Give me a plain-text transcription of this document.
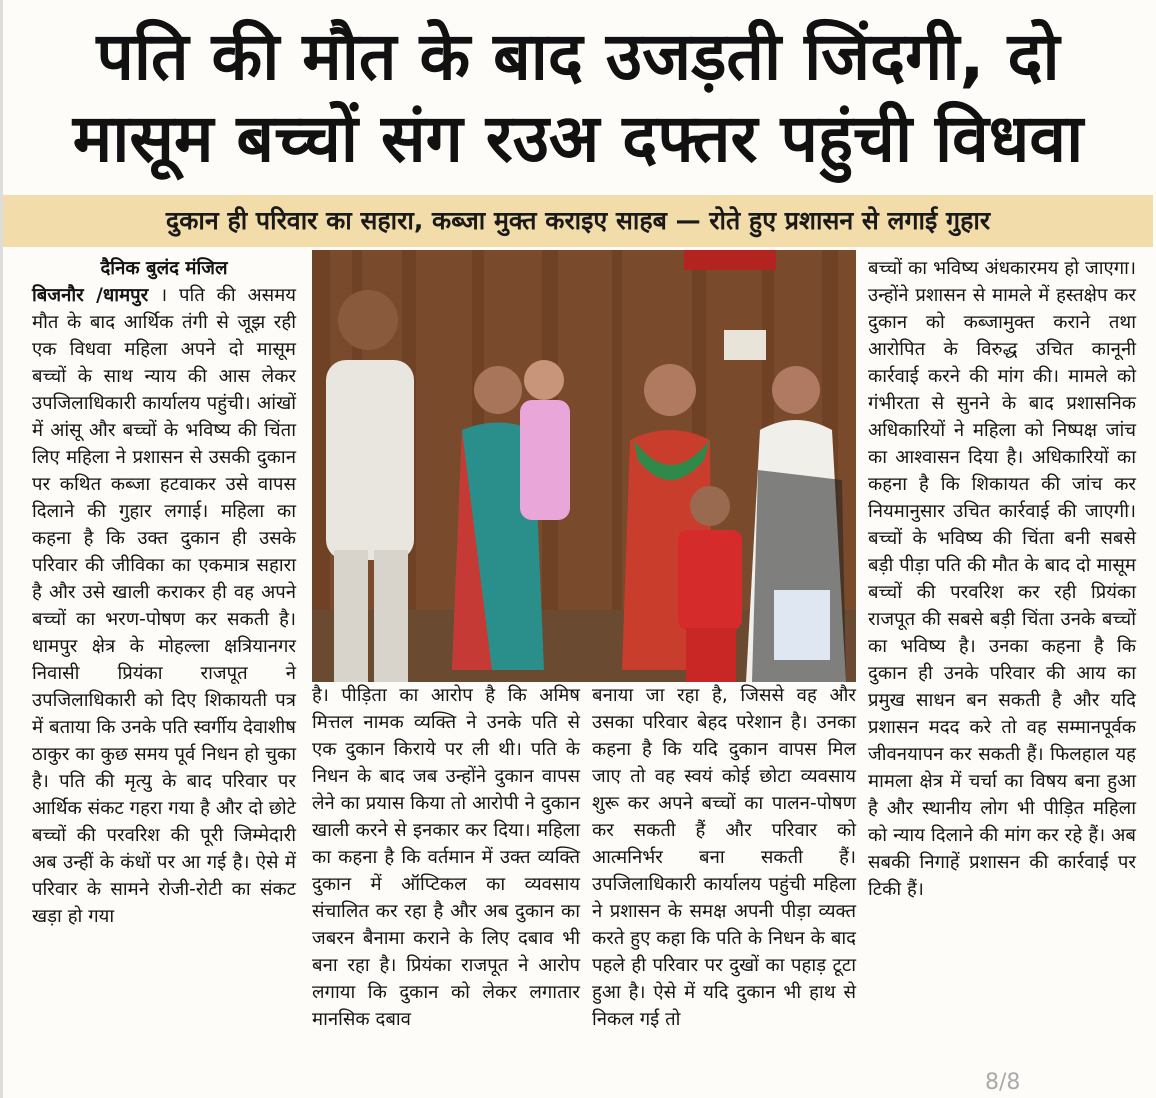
पति की मौत के बाद उजड़ती जिंदगी, दो
मासूम बच्चों संग रउअ दफ्तर पहुंची विधवा
दुकान ही परिवार का सहारा, कब्जा मुक्त कराइए साहब — रोते हुए प्रशासन से लगाई गुहार
दैनिक बुलंद मंजिल

बिजनौर /धामपुर । पति की असमय मौत के बाद आर्थिक तंगी से जूझ रही एक विधवा महिला अपने दो मासूम बच्चों के साथ न्याय की आस लेकर उपजिलाधिकारी कार्यालय पहुंची। आंखों में आंसू और बच्चों के भविष्य की चिंता लिए महिला ने प्रशासन से उसकी दुकान पर कथित कब्जा हटवाकर उसे वापस दिलाने की गुहार लगाई। महिला का कहना है कि उक्त दुकान ही उसके परिवार की जीविका का एकमात्र सहारा है और उसे खाली कराकर ही वह अपने बच्चों का भरण-पोषण कर सकती है। धामपुर क्षेत्र के मोहल्ला क्षत्रियानगर निवासी प्रियंका राजपूत ने उपजिलाधिकारी को दिए शिकायती पत्र में बताया कि उनके पति स्वर्गीय देवाशीष ठाकुर का कुछ समय पूर्व निधन हो चुका है। पति की मृत्यु के बाद परिवार पर आर्थिक संकट गहरा गया है और दो छोटे बच्चों की परवरिश की पूरी जिम्मेदारी अब उन्हीं के कंधों पर आ गई है। ऐसे में परिवार के सामने रोजी-रोटी का संकट खड़ा हो गया

है। पीड़िता का आरोप है कि अमिष मित्तल नामक व्यक्ति ने उनके पति से एक दुकान किराये पर ली थी। पति के निधन के बाद जब उन्होंने दुकान वापस लेने का प्रयास किया तो आरोपी ने दुकान खाली करने से इनकार कर दिया। महिला का कहना है कि वर्तमान में उक्त व्यक्ति दुकान में ऑप्टिकल का व्यवसाय संचालित कर रहा है और अब दुकान का जबरन बैनामा कराने के लिए दबाव भी बना रहा है। प्रियंका राजपूत ने आरोप लगाया कि दुकान को लेकर लगातार मानसिक दबाव

बनाया जा रहा है, जिससे वह और उसका परिवार बेहद परेशान है। उनका कहना है कि यदि दुकान वापस मिल जाए तो वह स्वयं कोई छोटा व्यवसाय शुरू कर अपने बच्चों का पालन-पोषण कर सकती हैं और परिवार को आत्मनिर्भर बना सकती हैं। उपजिलाधिकारी कार्यालय पहुंची महिला ने प्रशासन के समक्ष अपनी पीड़ा व्यक्त करते हुए कहा कि पति के निधन के बाद पहले ही परिवार पर दुखों का पहाड़ टूटा हुआ है। ऐसे में यदि दुकान भी हाथ से निकल गई तो

बच्चों का भविष्य अंधकारमय हो जाएगा। उन्होंने प्रशासन से मामले में हस्तक्षेप कर दुकान को कब्जामुक्त कराने तथा आरोपित के विरुद्ध उचित कानूनी कार्रवाई करने की मांग की। मामले को गंभीरता से सुनने के बाद प्रशासनिक अधिकारियों ने महिला को निष्पक्ष जांच का आश्वासन दिया है। अधिकारियों का कहना है कि शिकायत की जांच कर नियमानुसार उचित कार्रवाई की जाएगी। बच्चों के भविष्य की चिंता बनी सबसे बड़ी पीड़ा पति की मौत के बाद दो मासूम बच्चों की परवरिश कर रही प्रियंका राजपूत की सबसे बड़ी चिंता उनके बच्चों का भविष्य है। उनका कहना है कि दुकान ही उनके परिवार की आय का प्रमुख साधन बन सकती है और यदि प्रशासन मदद करे तो वह सम्मानपूर्वक जीवनयापन कर सकती हैं। फिलहाल यह मामला क्षेत्र में चर्चा का विषय बना हुआ है और स्थानीय लोग भी पीड़ित महिला को न्याय दिलाने की मांग कर रहे हैं। अब सबकी निगाहें प्रशासन की कार्रवाई पर टिकी हैं।

8/8
